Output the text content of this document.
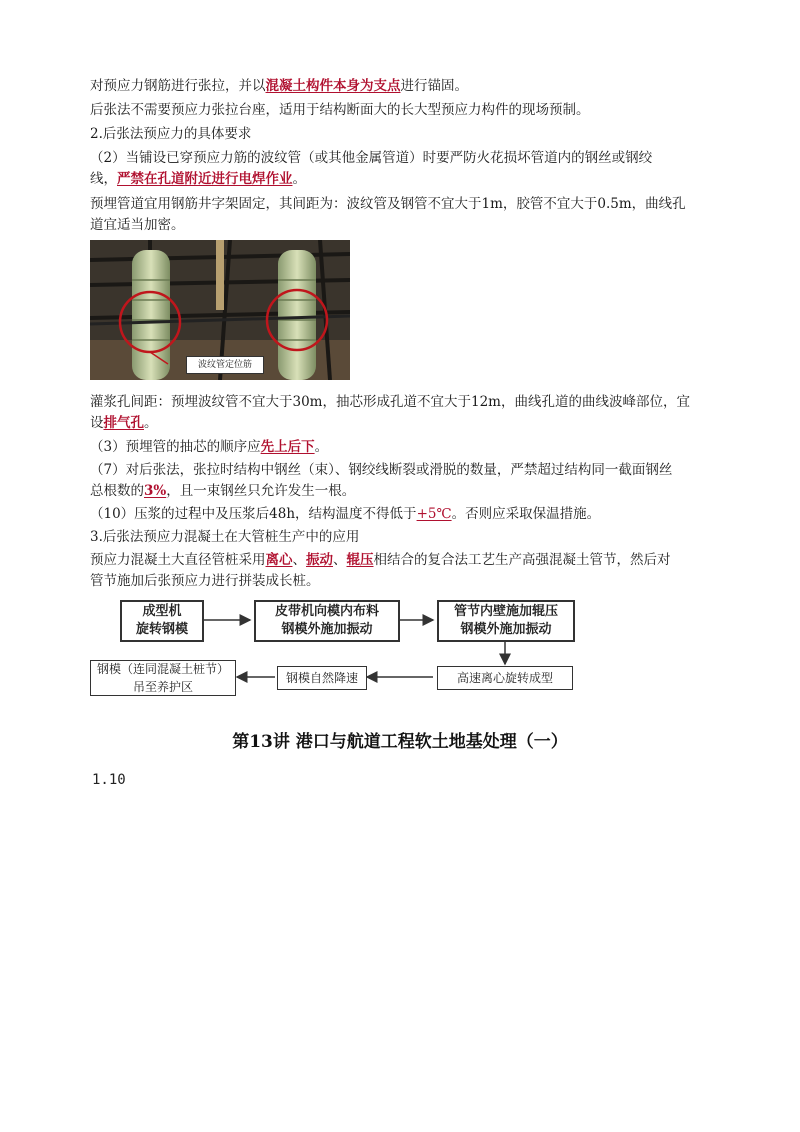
对预应力钢筋进行张拉，并以混凝土构件本身为支点进行锚固。
后张法不需要预应力张拉台座，适用于结构断面大的长大型预应力构件的现场预制。
2.后张法预应力的具体要求
（2）当铺设已穿预应力筋的波纹管（或其他金属管道）时要严防火花损坏管道内的钢丝或钢绞
线，严禁在孔道附近进行电焊作业。
预埋管道宜用钢筋井字架固定，其间距为：波纹管及钢管不宜大于1m，胶管不宜大于0.5m，曲线孔
道宜适当加密。
波纹管定位筋
灌浆孔间距：预埋波纹管不宜大于30m，抽芯形成孔道不宜大于12m，曲线孔道的曲线波峰部位，宜
设排气孔。
（3）预埋管的抽芯的顺序应先上后下。
（7）对后张法，张拉时结构中钢丝（束）、钢绞线断裂或滑脱的数量，严禁超过结构同一截面钢丝
总根数的3%，且一束钢丝只允许发生一根。
（10）压浆的过程中及压浆后48h，结构温度不得低于+5℃。否则应采取保温措施。
3.后张法预应力混凝土在大管桩生产中的应用
预应力混凝土大直径管桩采用离心、振动、辊压相结合的复合法工艺生产高强混凝土管节，然后对
管节施加后张预应力进行拼装成长桩。
成型机
旋转钢模
皮带机向模内布料
钢模外施加振动
管节内壁施加辊压
钢模外施加振动
高速离心旋转成型
钢模自然降速
钢模（连同混凝土桩节）
吊至养护区
第13讲 港口与航道工程软土地基处理（一）
1.10
